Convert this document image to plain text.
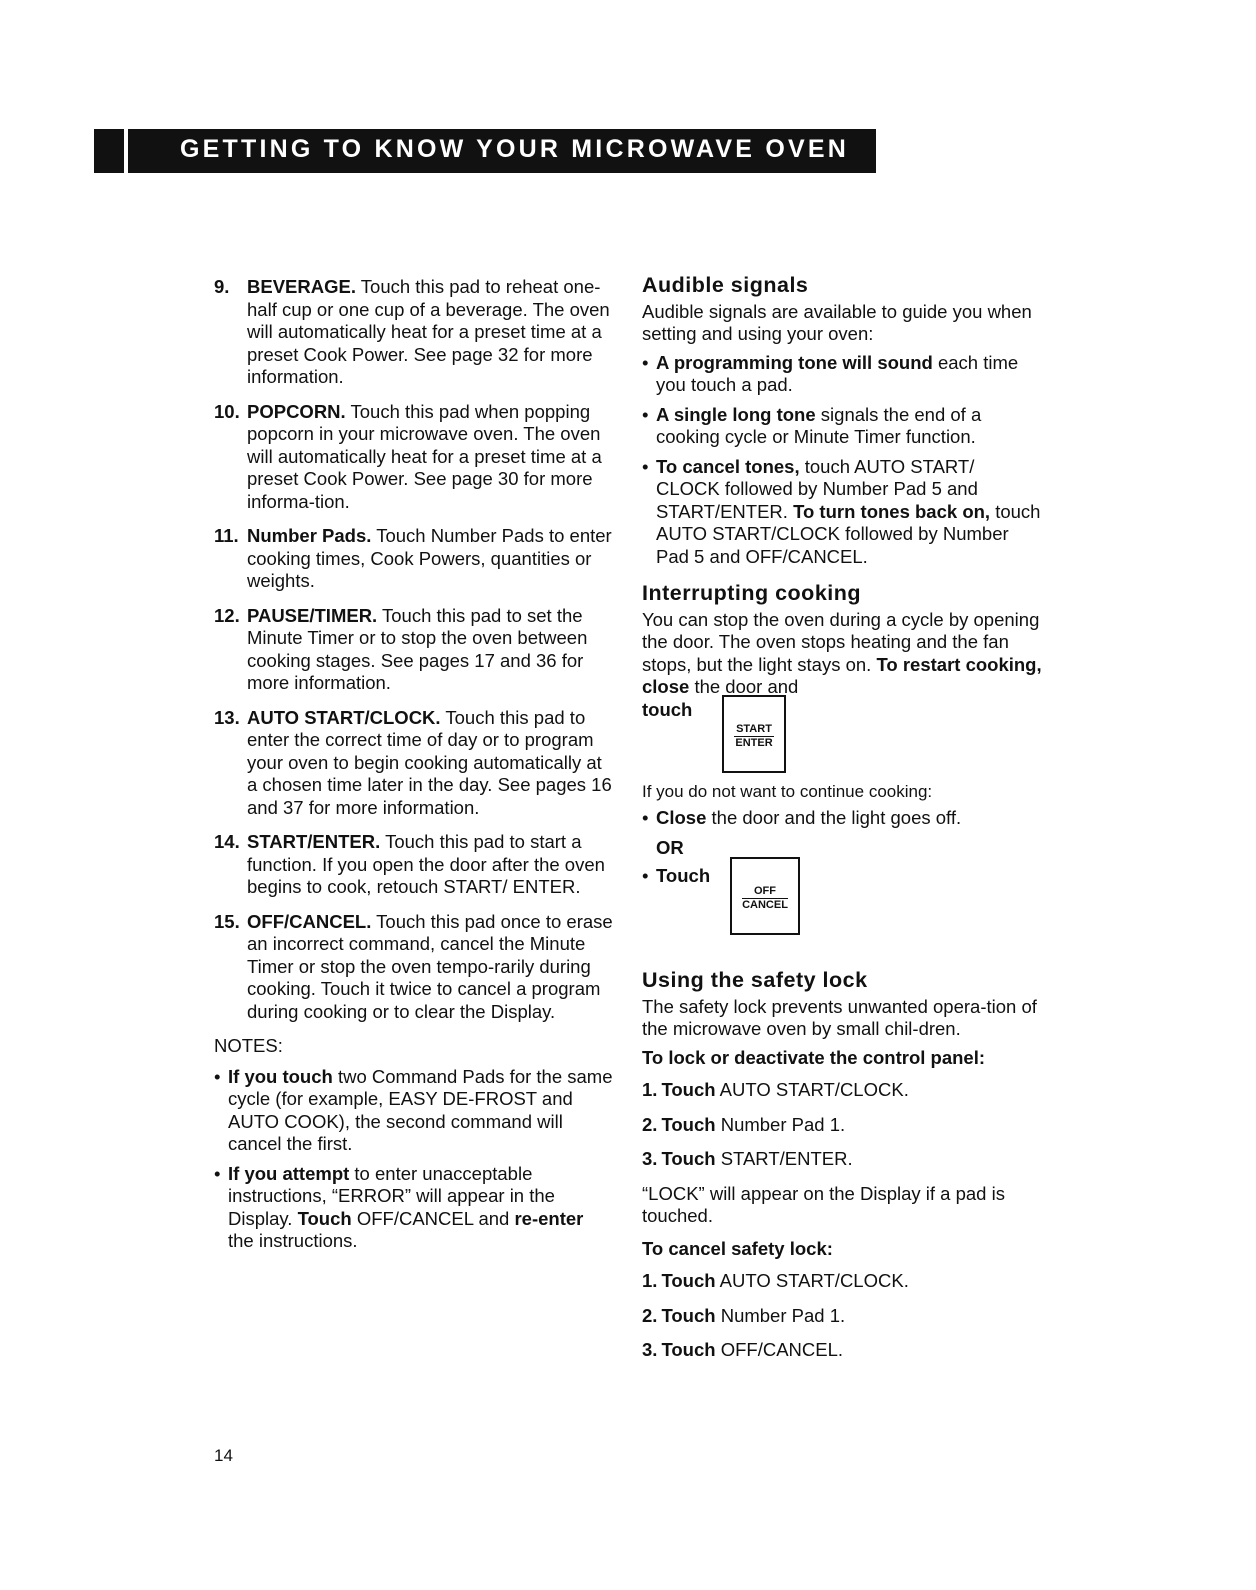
GETTING TO KNOW YOUR MICROWAVE OVEN
9. BEVERAGE. Touch this pad to reheat one-half cup or one cup of a beverage. The oven will automatically heat for a preset time at a preset Cook Power. See page 32 for more information.
10. POPCORN. Touch this pad when popping popcorn in your microwave oven. The oven will automatically heat for a preset time at a preset Cook Power. See page 30 for more informa-tion.
11. Number Pads. Touch Number Pads to enter cooking times, Cook Powers, quantities or weights.
12. PAUSE/TIMER. Touch this pad to set the Minute Timer or to stop the oven between cooking stages. See pages 17 and 36 for more information.
13. AUTO START/CLOCK. Touch this pad to enter the correct time of day or to program your oven to begin cooking automatically at a chosen time later in the day. See pages 16 and 37 for more information.
14. START/ENTER. Touch this pad to start a function. If you open the door after the oven begins to cook, retouch START/ ENTER.
15. OFF/CANCEL. Touch this pad once to erase an incorrect command, cancel the Minute Timer or stop the oven tempo-rarily during cooking. Touch it twice to cancel a program during cooking or to clear the Display.
NOTES:
• If you touch two Command Pads for the same cycle (for example, EASY DE-FROST and AUTO COOK), the second command will cancel the first.
• If you attempt to enter unacceptable instructions, “ERROR” will appear in the Display. Touch OFF/CANCEL and re-enter the instructions.
Audible signals
Audible signals are available to guide you when setting and using your oven:
• A programming tone will sound each time you touch a pad.
• A single long tone signals the end of a cooking cycle or Minute Timer function.
• To cancel tones, touch AUTO START/ CLOCK followed by Number Pad 5 and START/ENTER. To turn tones back on, touch AUTO START/CLOCK followed by Number Pad 5 and OFF/CANCEL.
Interrupting cooking
You can stop the oven during a cycle by opening the door. The oven stops heating and the fan stops, but the light stays on. To restart cooking, close the door and
touch
START
ENTER
If you do not want to continue cooking:
• Close the door and the light goes off.
OR
• Touch
OFF
CANCEL
Using the safety lock
The safety lock prevents unwanted opera-tion of the microwave oven by small chil-dren.
To lock or deactivate the control panel:
1. Touch AUTO START/CLOCK.
2. Touch Number Pad 1.
3. Touch START/ENTER.
“LOCK” will appear on the Display if a pad is touched.
To cancel safety lock:
1. Touch AUTO START/CLOCK.
2. Touch Number Pad 1.
3. Touch OFF/CANCEL.
14
